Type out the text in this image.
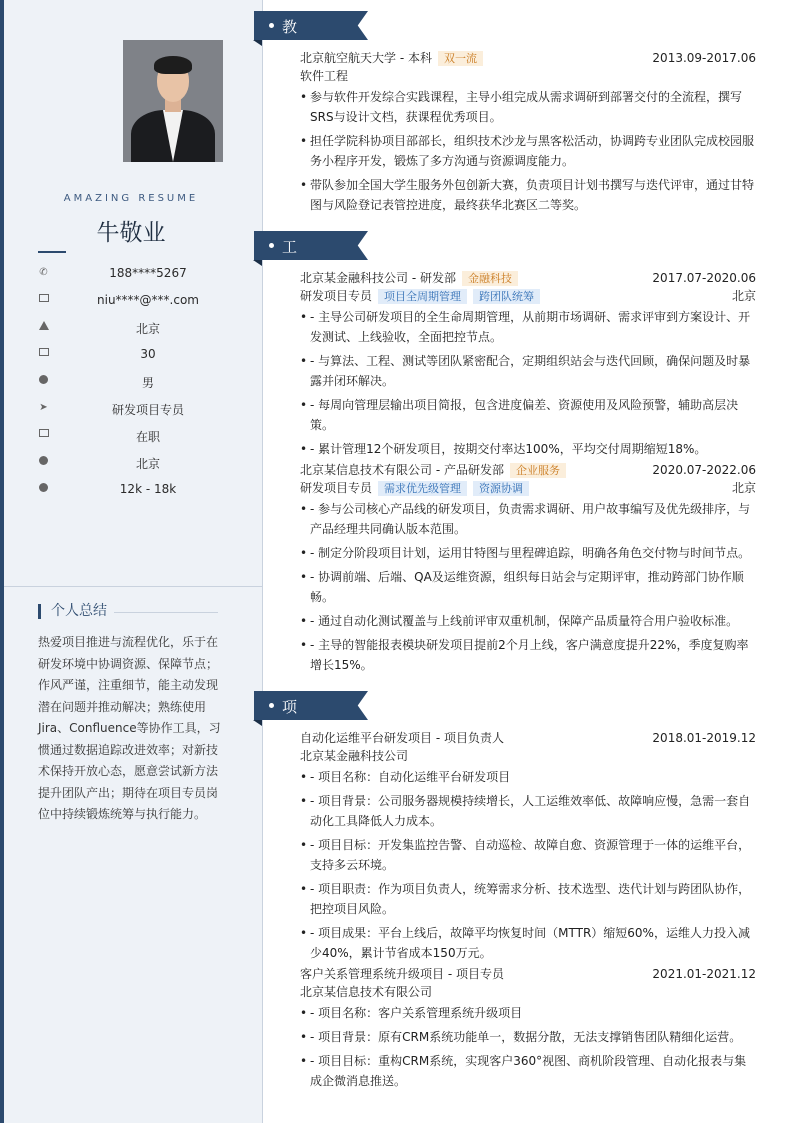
AMAZING RESUME
牛敬业
✆	188****5267
niu****@***.com
北京
30
男
➤	研发项目专员
在职
北京
12k - 18k
个人总结
热爱项目推进与流程优化，乐于在研发环境中协调资源、保障节点；作风严谨，注重细节，能主动发现潜在问题并推动解决；熟练使用Jira、Confluence等协作工具，习惯通过数据追踪改进效率；对新技术保持开放心态，愿意尝试新方法提升团队产出；期待在项目专员岗位中持续锻炼统筹与执行能力。
教育经历
北京航空航天大学 - 本科 双一流	2013.09-2017.06
软件工程
• 参与软件开发综合实践课程，主导小组完成从需求调研到部署交付的全流程，撰写SRS与设计文档，获课程优秀项目。
• 担任学院科协项目部部长，组织技术沙龙与黑客松活动，协调跨专业团队完成校园服务小程序开发，锻炼了多方沟通与资源调度能力。
• 带队参加全国大学生服务外包创新大赛，负责项目计划书撰写与迭代评审，通过甘特图与风险登记表管控进度，最终获华北赛区二等奖。
工作经历
北京某金融科技公司 - 研发部 金融科技	2017.07-2020.06
研发项目专员 项目全周期管理 跨团队统筹	北京
• - 主导公司研发项目的全生命周期管理，从前期市场调研、需求评审到方案设计、开发测试、上线验收，全面把控节点。
• - 与算法、工程、测试等团队紧密配合，定期组织站会与迭代回顾，确保问题及时暴露并闭环解决。
• - 每周向管理层输出项目简报，包含进度偏差、资源使用及风险预警，辅助高层决策。
• - 累计管理12个研发项目，按期交付率达100%，平均交付周期缩短18%。
北京某信息技术有限公司 - 产品研发部 企业服务	2020.07-2022.06
研发项目专员 需求优先级管理 资源协调	北京
• - 参与公司核心产品线的研发项目，负责需求调研、用户故事编写及优先级排序，与产品经理共同确认版本范围。
• - 制定分阶段项目计划，运用甘特图与里程碑追踪，明确各角色交付物与时间节点。
• - 协调前端、后端、QA及运维资源，组织每日站会与定期评审，推动跨部门协作顺畅。
• - 通过自动化测试覆盖与上线前评审双重机制，保障产品质量符合用户验收标准。
• - 主导的智能报表模块研发项目提前2个月上线，客户满意度提升22%，季度复购率增长15%。
项目经历
自动化运维平台研发项目 - 项目负责人	2018.01-2019.12
北京某金融科技公司
• - 项目名称：自动化运维平台研发项目
• - 项目背景：公司服务器规模持续增长，人工运维效率低、故障响应慢，急需一套自动化工具降低人力成本。
• - 项目目标：开发集监控告警、自动巡检、故障自愈、资源管理于一体的运维平台，支持多云环境。
• - 项目职责：作为项目负责人，统筹需求分析、技术选型、迭代计划与跨团队协作，把控项目风险。
• - 项目成果：平台上线后，故障平均恢复时间（MTTR）缩短60%，运维人力投入减少40%，累计节省成本150万元。
客户关系管理系统升级项目 - 项目专员	2021.01-2021.12
北京某信息技术有限公司
• - 项目名称：客户关系管理系统升级项目
• - 项目背景：原有CRM系统功能单一，数据分散，无法支撑销售团队精细化运营。
• - 项目目标：重构CRM系统，实现客户360°视图、商机阶段管理、自动化报表与集成企微消息推送。
